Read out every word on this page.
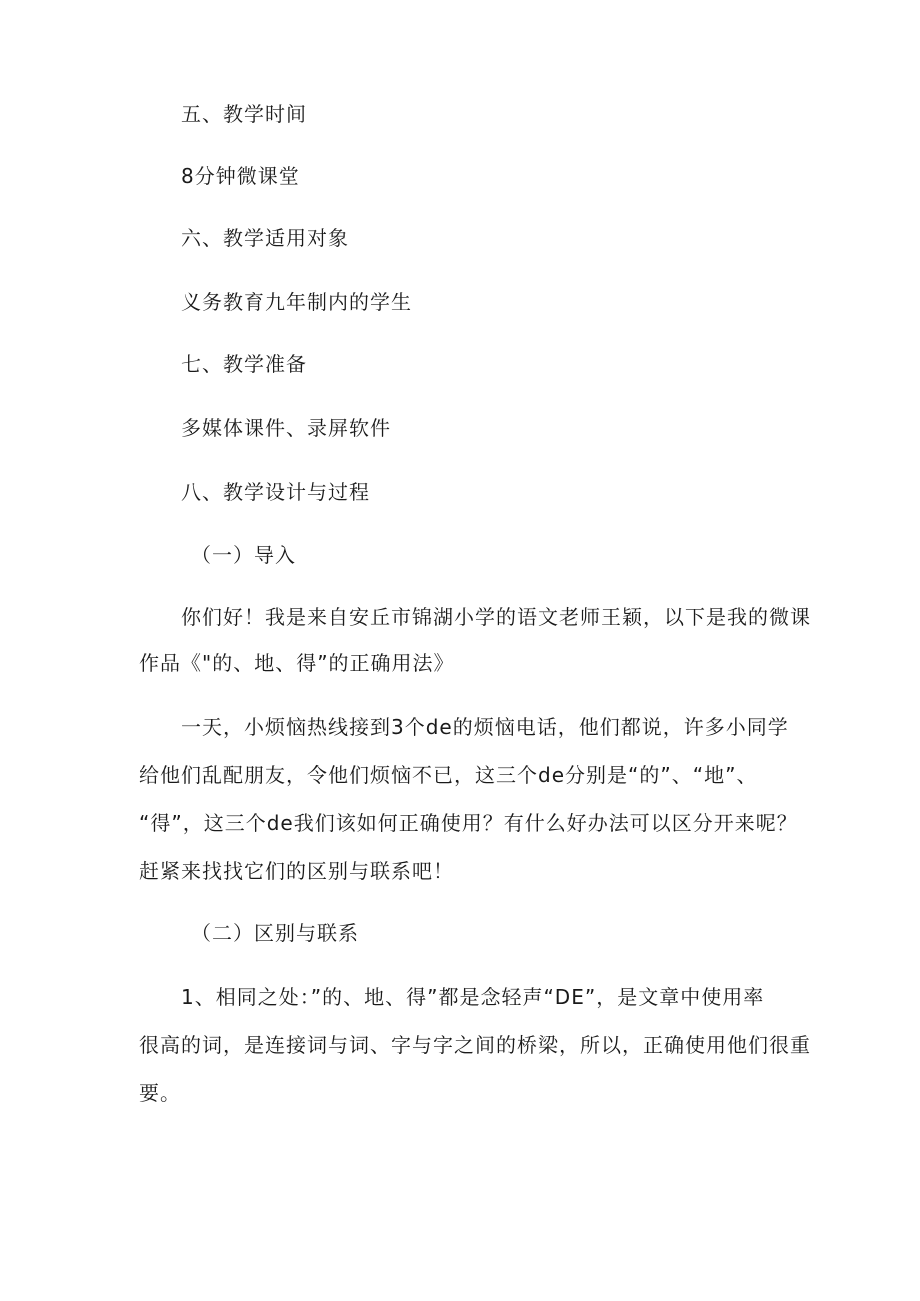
五、教学时间
8分钟微课堂
六、教学适用对象
义务教育九年制内的学生
七、教学准备
多媒体课件、录屏软件
八、教学设计与过程
（一）导入
你们好！我是来自安丘市锦湖小学的语文老师王颖，以下是我的微课
作品《"的、地、得”的正确用法》
一天，小烦恼热线接到3个de的烦恼电话，他们都说，许多小同学
给他们乱配朋友，令他们烦恼不已，这三个de分别是“的”、“地”、
“得”，这三个de我们该如何正确使用？有什么好办法可以区分开来呢？
赶紧来找找它们的区别与联系吧！
（二）区别与联系
1、相同之处：”的、地、得”都是念轻声“DE”，是文章中使用率
很高的词，是连接词与词、字与字之间的桥梁，所以，正确使用他们很重
要。
